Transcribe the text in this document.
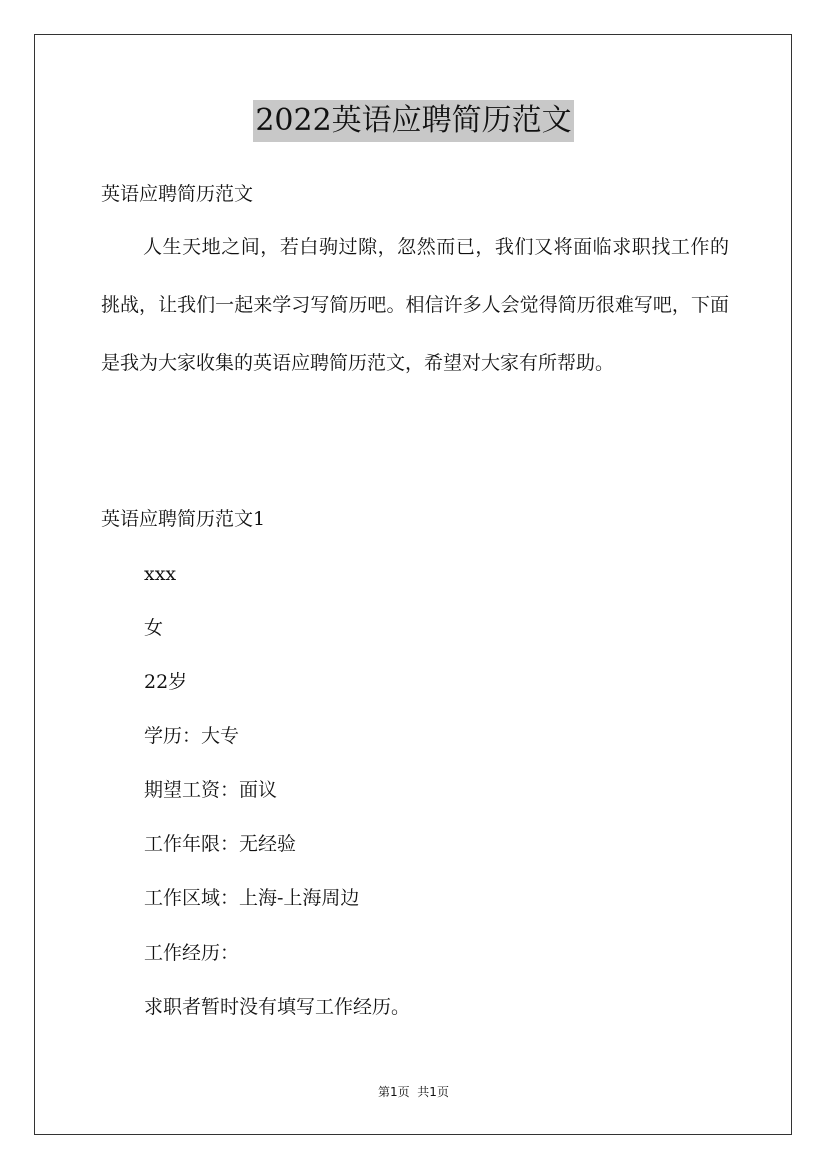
2022英语应聘简历范文

英语应聘简历范文

人生天地之间，若白驹过隙，忽然而已，我们又将面临求职找工作的挑战，让我们一起来学习写简历吧。相信许多人会觉得简历很难写吧，下面是我为大家收集的英语应聘简历范文，希望对大家有所帮助。

英语应聘简历范文1

xxx

女

22岁

学历：大专

期望工资：面议

工作年限：无经验

工作区域：上海-上海周边

工作经历：

求职者暂时没有填写工作经历。

第1页  共1页
